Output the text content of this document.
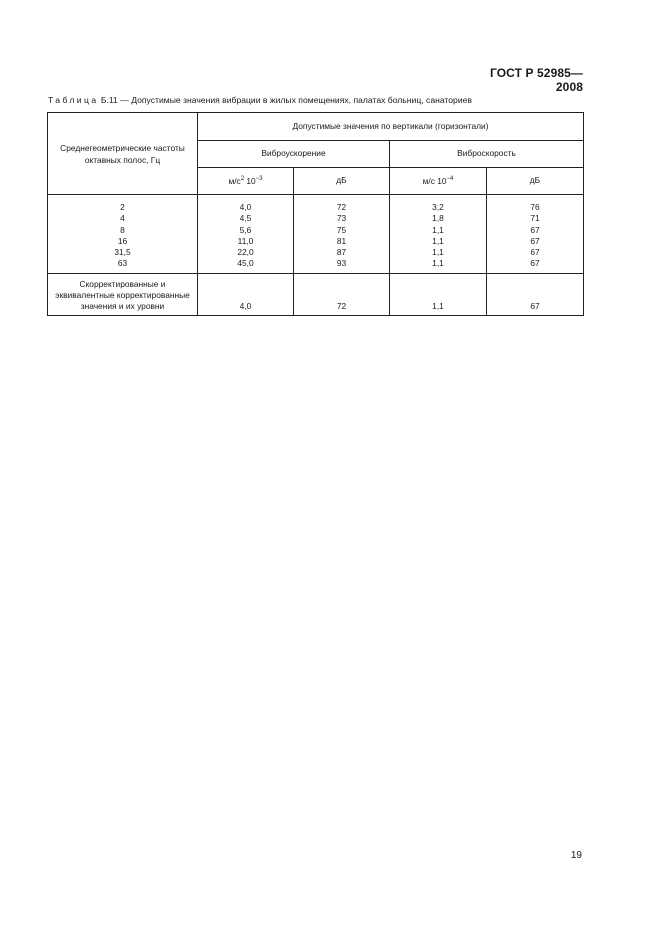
ГОСТ Р 52985—2008
Таблица Б.11 — Допустимые значения вибрации в жилых помещениях, палатах больниц, санаториев
Среднегеометрические частоты октавных полос, Гц	Допустимые значения по вертикали (горизонтали)			
	Виброускорение		Виброскорость	
	$м/с^2$ $10^{-3}$	дБ	м/с $10^{-4}$	дБ
2	4,0	72	3,2	76
4	4,5	73	1,8	71
8	5,6	75	1,1	67
16	11,0	81	1,1	67
31,5	22,0	87	1,1	67
63	45,0	93	1,1	67
Скорректированные и эквивалентные корректированные значения и их уровни	4,0	72	1,1	67
19
